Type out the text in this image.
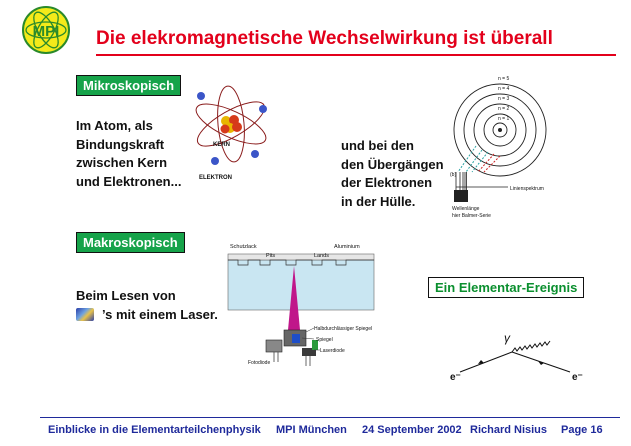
MPI Die elekromagnetische Wechselwirkung ist überall
Mikroskopisch
Im Atom, als
Bindungskraft
zwischen Kern
und Elektronen...
KERN
ELEKTRON
und bei den
den Übergängen
der Elektronen
in der Hülle.
n = 5
n = 4
n = 3
n = 2
n = 1
(b)
Linienspektrum
Wellenlänge
hier Balmer-Serie
Makroskopisch
Beim Lesen von
’s mit einem Laser.
Schutzlack	Aluminium
Pits	Lands
Halbdurchlässiger Spiegel
Spiegel
Laserdiode
Fotodiode
Ein Elementar-Ereignis
γ
e⁻	e⁻
Einblicke in die Elementarteilchenphysik MPI München 24 September 2002 Richard Nisius Page 16
